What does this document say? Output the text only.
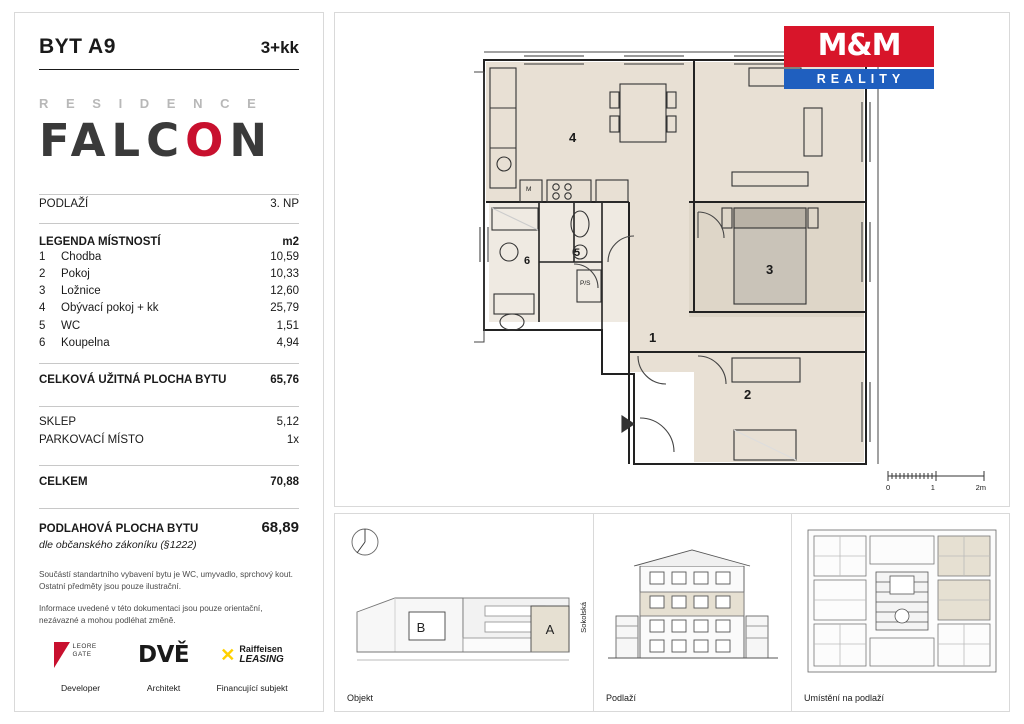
BYT A9	3+kk
R E S I D E N C E
FALCON
PODLAŽÍ	3. NP
LEGENDA MÍSTNOSTÍ	m2
1	Chodba	10,59
2	Pokoj	10,33
3	Ložnice	12,60
4	Obývací pokoj + kk	25,79
5	WC	1,51
6	Koupelna	4,94
CELKOVÁ UŽITNÁ PLOCHA BYTU	65,76
SKLEP	5,12
PARKOVACÍ MÍSTO	1x
CELKEM	70,88
PODLAHOVÁ PLOCHA BYTU	68,89
dle občanského zákoníku (§1222)

Součástí standartního vybavení bytu je WC, umyvadlo, sprchový kout. Ostatní předměty jsou pouze ilustrační.

Informace uvedené v této dokumentaci jsou pouze orientační, nezávazné a mohou podléhat změně.

LEORE
GATE
Developer
DVĚ
Architekt
✕ Raiffeisen
LEASING
Financující subjekt
1
2
3
4
5
6
M
P/S
M&M
REALITY
0	1	2m
B	A	Sokolská
Objekt	Podlaží	Umístění na podlaží
